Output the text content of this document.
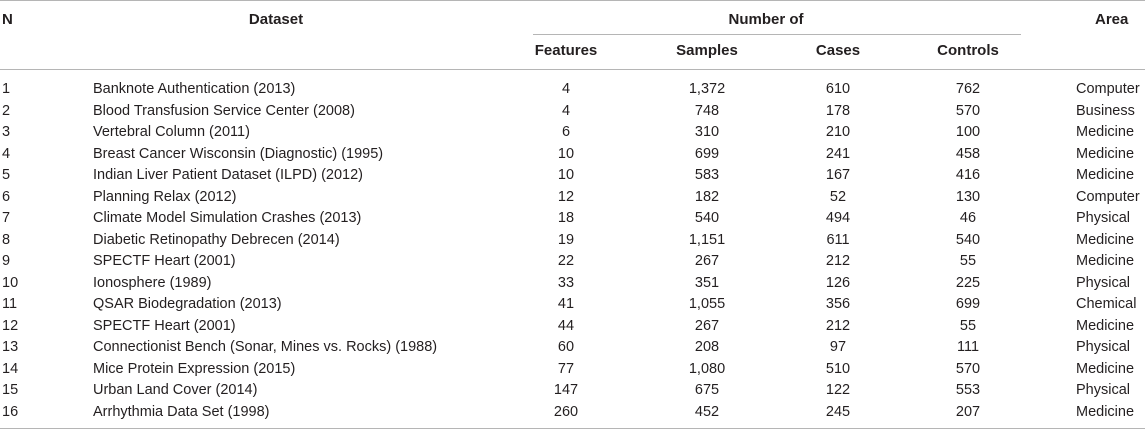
N	Dataset	Number of	Area
Features	Samples	Cases	Controls
1	Banknote Authentication (2013)	4	1,372	610	762	Computer
2	Blood Transfusion Service Center (2008)	4	748	178	570	Business
3	Vertebral Column (2011)	6	310	210	100	Medicine
4	Breast Cancer Wisconsin (Diagnostic) (1995)	10	699	241	458	Medicine
5	Indian Liver Patient Dataset (ILPD) (2012)	10	583	167	416	Medicine
6	Planning Relax (2012)	12	182	52	130	Computer
7	Climate Model Simulation Crashes (2013)	18	540	494	46	Physical
8	Diabetic Retinopathy Debrecen (2014)	19	1,151	611	540	Medicine
9	SPECTF Heart (2001)	22	267	212	55	Medicine
10	Ionosphere (1989)	33	351	126	225	Physical
11	QSAR Biodegradation (2013)	41	1,055	356	699	Chemical
12	SPECTF Heart (2001)	44	267	212	55	Medicine
13	Connectionist Bench (Sonar, Mines vs. Rocks) (1988)	60	208	97	111	Physical
14	Mice Protein Expression (2015)	77	1,080	510	570	Medicine
15	Urban Land Cover (2014)	147	675	122	553	Physical
16	Arrhythmia Data Set (1998)	260	452	245	207	Medicine
